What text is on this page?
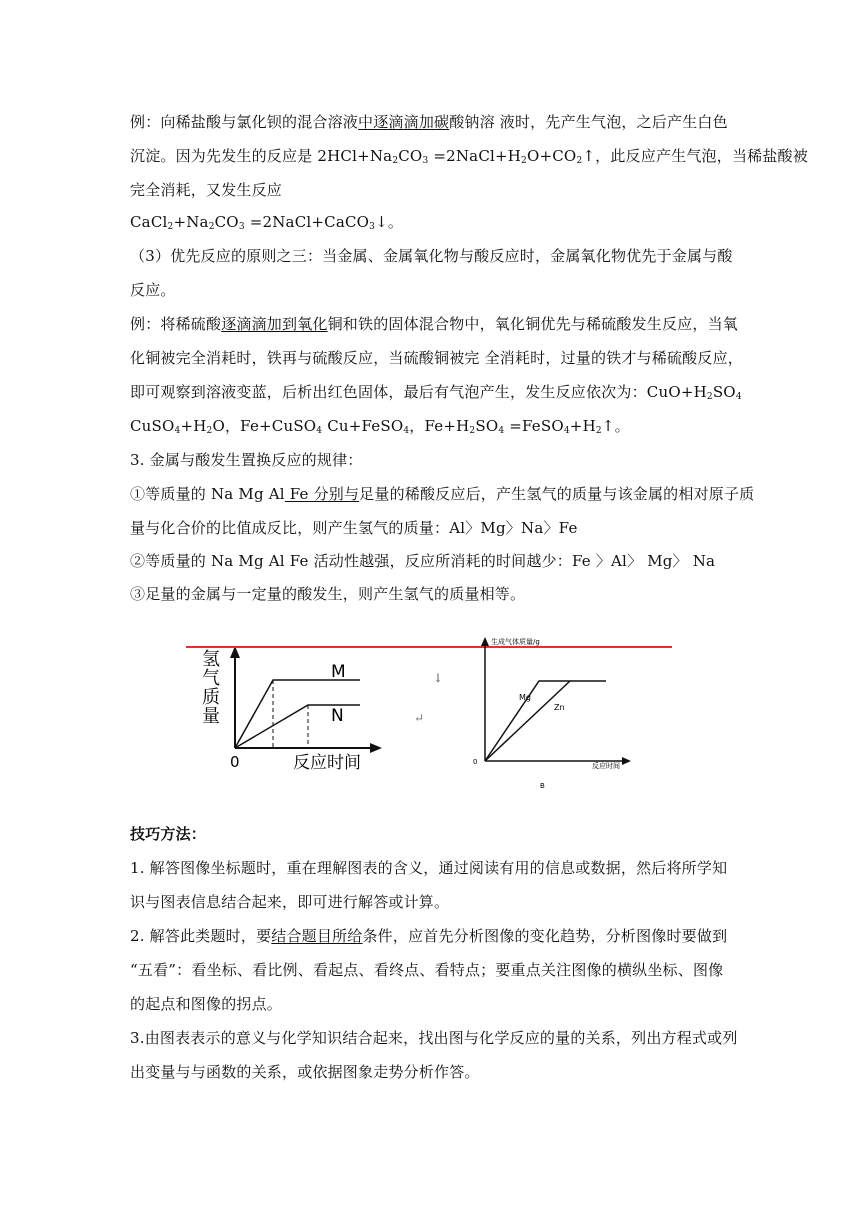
例：向稀盐酸与氯化钡的混合溶液中逐滴滴加碳酸钠溶 液时，先产生气泡，之后产生白色
沉淀。因为先发生的反应是 $2HCl+Na_2CO_3$ $=2NaCl+H_2O+CO_2↑$，此反应产生气泡，当稀盐酸被
完全消耗，又发生反应
$CaCl_2+Na_2CO_3$ =2NaCl+CaCO$_3$↓。
（3）优先反应的原则之三：当金属、金属氧化物与酸反应时，金属氧化物优先于金属与酸
反应。
例：将稀硫酸逐滴滴加到氧化铜和铁的固体混合物中，氧化铜优先与稀硫酸发生反应，当氧
化铜被完全消耗时，铁再与硫酸反应，当硫酸铜被完 全消耗时，过量的铁才与稀硫酸反应，
即可观察到溶液变蓝，后析出红色固体，最后有气泡产生，发生反应依次为：$CuO+H_2SO_4$
$CuSO_4+H_2O$，Fe+CuSO$_4$ Cu+FeSO$_4$，$Fe+H_2SO_4$ $=FeSO_4+H_2↑$。
3. 金属与酸发生置换反应的规律：
①等质量的 Na Mg Al Fe 分别与足量的稀酸反应后，产生氢气的质量与该金属的相对原子质
量与化合价的比值成反比，则产生氢气的质量：Al〉Mg〉Na〉Fe
②等质量的 Na Mg Al Fe 活动性越强，反应所消耗的时间越少：Fe 〉Al〉 Mg〉 Na
③足量的金属与一定量的酸发生，则产生氢气的质量相等。
M
N
氢
气
质
量
0	反应时间
↓
↵
生成气体质量/g
Mg
Zn
0	反应时间
B
技巧方法：
1. 解答图像坐标题时，重在理解图表的含义，通过阅读有用的信息或数据，然后将所学知
识与图表信息结合起来，即可进行解答或计算。
2. 解答此类题时，要结合题目所给条件，应首先分析图像的变化趋势，分析图像时要做到
“五看”：看坐标、看比例、看起点、看终点、看特点；要重点关注图像的横纵坐标、图像
的起点和图像的拐点。
3.由图表表示的意义与化学知识结合起来，找出图与化学反应的量的关系，列出方程式或列
出变量与与函数的关系，或依据图象走势分析作答。
